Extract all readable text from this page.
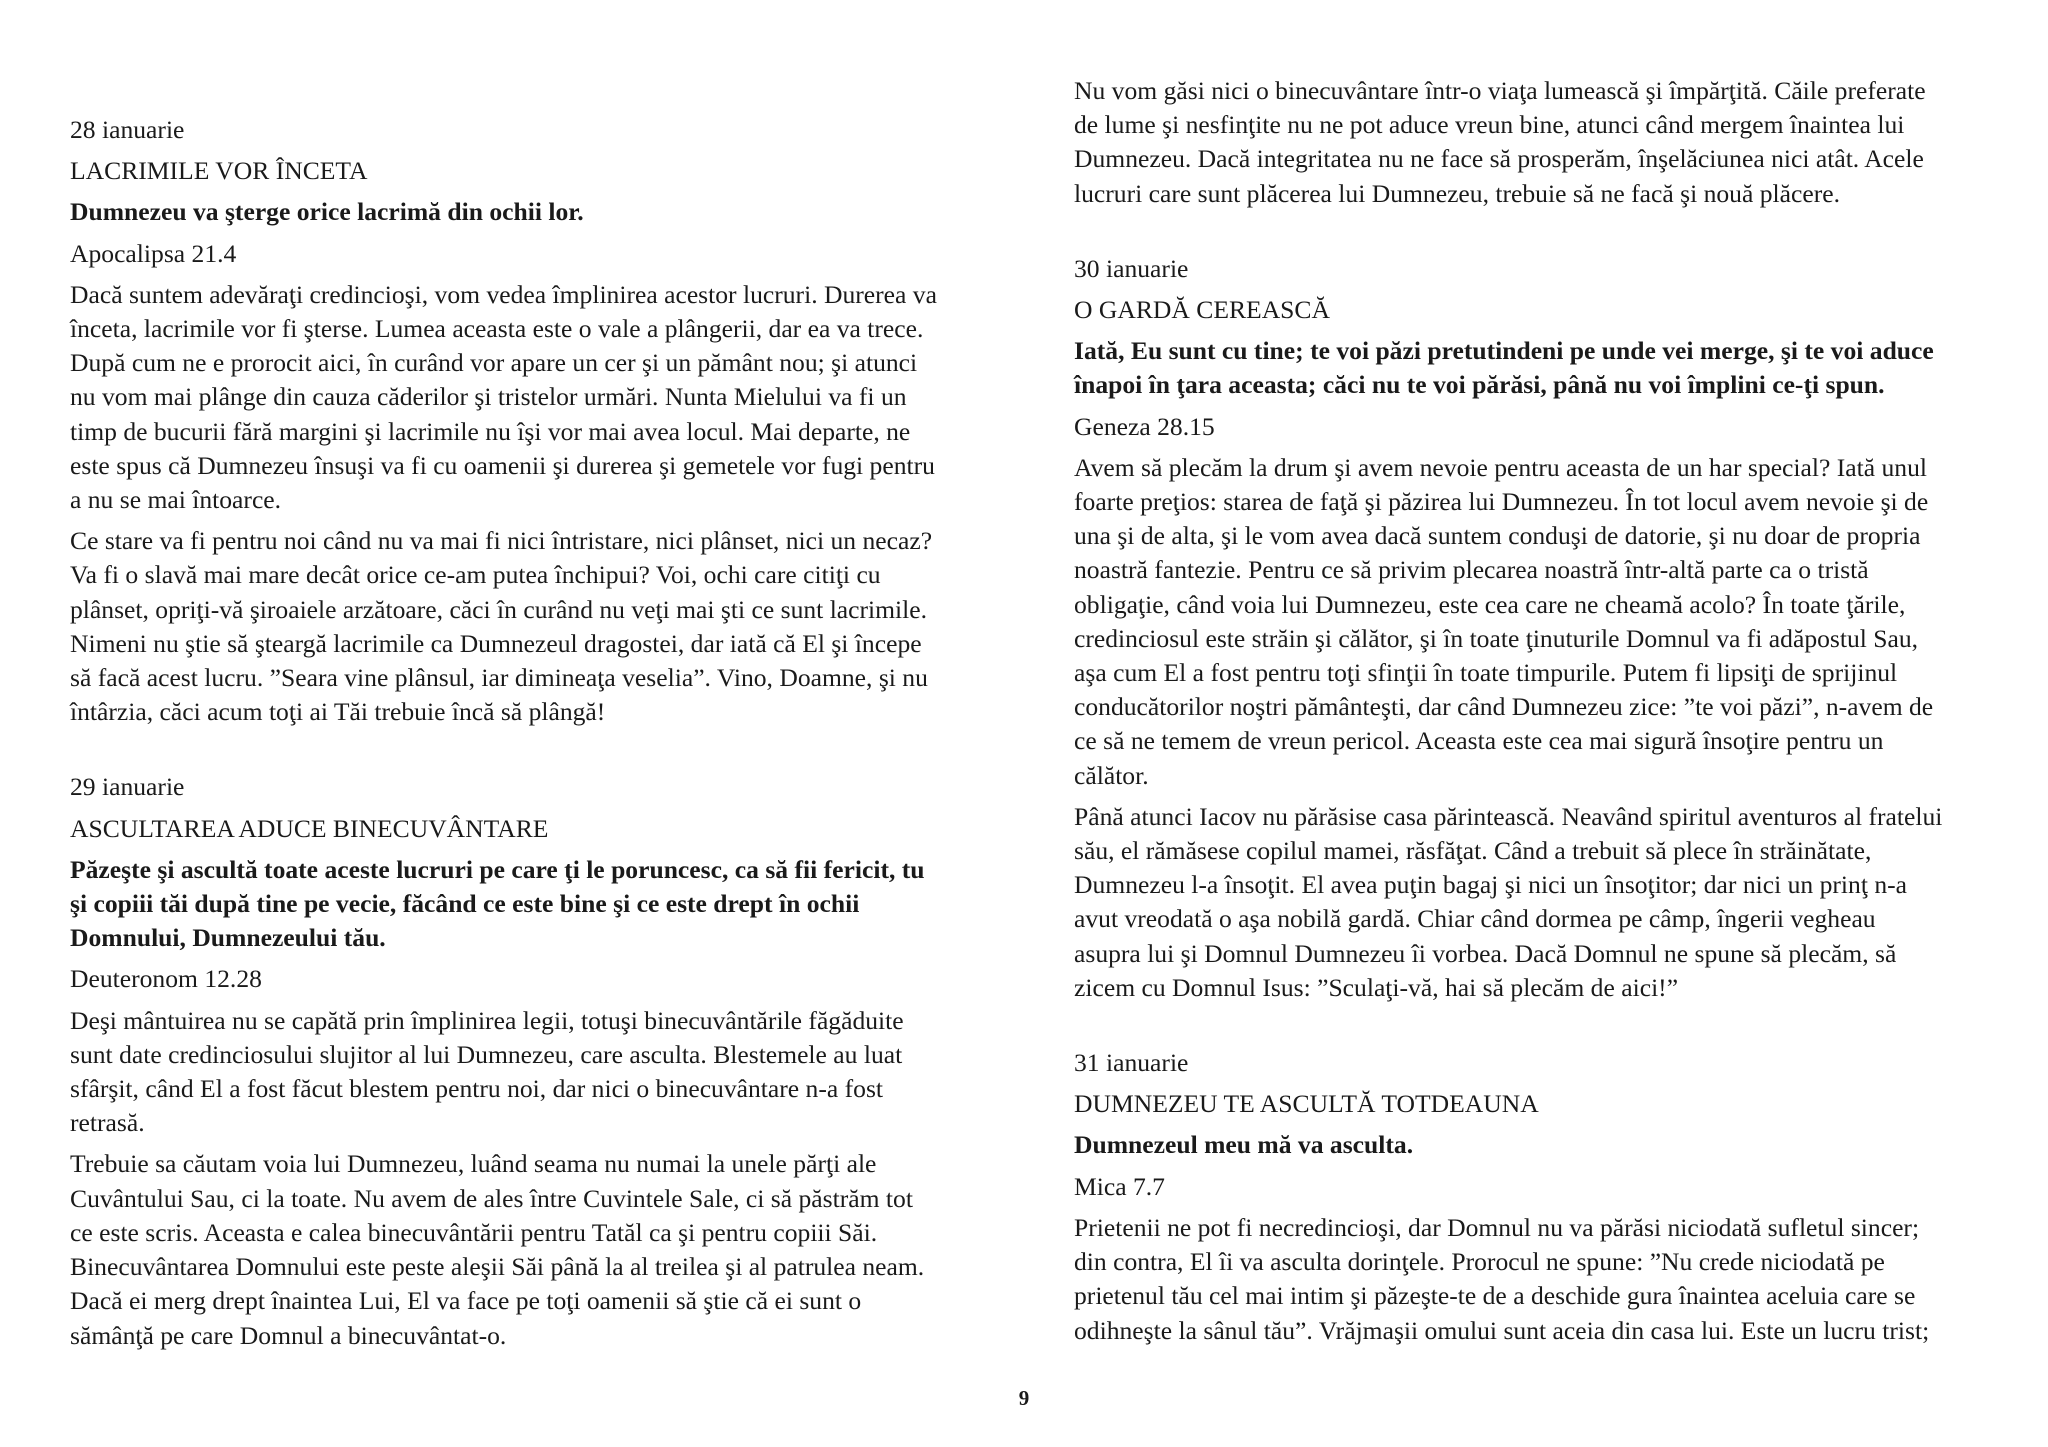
28 ianuarie
LACRIMILE VOR ÎNCETA
Dumnezeu va şterge orice lacrimă din ochii lor.
Apocalipsa 21.4
Dacă suntem adevăraţi credincioşi, vom vedea împlinirea acestor lucruri. Durerea va
înceta, lacrimile vor fi şterse. Lumea aceasta este o vale a plângerii, dar ea va trece.
După cum ne e prorocit aici, în curând vor apare un cer şi un pământ nou; şi atunci
nu vom mai plânge din cauza căderilor şi tristelor urmări. Nunta Mielului va fi un
timp de bucurii fără margini şi lacrimile nu îşi vor mai avea locul. Mai departe, ne
este spus că Dumnezeu însuşi va fi cu oamenii şi durerea şi gemetele vor fugi pentru
a nu se mai întoarce.
Ce stare va fi pentru noi când nu va mai fi nici întristare, nici plânset, nici un necaz?
Va fi o slavă mai mare decât orice ce-am putea închipui? Voi, ochi care citiţi cu
plânset, opriţi-vă şiroaiele arzătoare, căci în curând nu veţi mai şti ce sunt lacrimile.
Nimeni nu ştie să şteargă lacrimile ca Dumnezeul dragostei, dar iată că El şi începe
să facă acest lucru. ”Seara vine plânsul, iar dimineaţa veselia”. Vino, Doamne, şi nu
întârzia, căci acum toţi ai Tăi trebuie încă să plângă!
29 ianuarie
ASCULTAREA ADUCE BINECUVÂNTARE
Păzeşte şi ascultă toate aceste lucruri pe care ţi le poruncesc, ca să fii fericit, tu
şi copiii tăi după tine pe vecie, făcând ce este bine şi ce este drept în ochii
Domnului, Dumnezeului tău.
Deuteronom 12.28
Deşi mântuirea nu se capătă prin împlinirea legii, totuşi binecuvântările făgăduite
sunt date credinciosului slujitor al lui Dumnezeu, care asculta. Blestemele au luat
sfârşit, când El a fost făcut blestem pentru noi, dar nici o binecuvântare n-a fost
retrasă.
Trebuie sa căutam voia lui Dumnezeu, luând seama nu numai la unele părţi ale
Cuvântului Sau, ci la toate. Nu avem de ales între Cuvintele Sale, ci să păstrăm tot
ce este scris. Aceasta e calea binecuvântării pentru Tatăl ca şi pentru copiii Săi.
Binecuvântarea Domnului este peste aleşii Săi până la al treilea şi al patrulea neam.
Dacă ei merg drept înaintea Lui, El va face pe toţi oamenii să ştie că ei sunt o
sămânţă pe care Domnul a binecuvântat-o.
Nu vom găsi nici o binecuvântare într-o viaţa lumească şi împărţită. Căile preferate
de lume şi nesfinţite nu ne pot aduce vreun bine, atunci când mergem înaintea lui
Dumnezeu. Dacă integritatea nu ne face să prosperăm, înşelăciunea nici atât. Acele
lucruri care sunt plăcerea lui Dumnezeu, trebuie să ne facă şi nouă plăcere.
30 ianuarie
O GARDĂ CEREASCĂ
Iată, Eu sunt cu tine; te voi păzi pretutindeni pe unde vei merge, şi te voi aduce
înapoi în ţara aceasta; căci nu te voi părăsi, până nu voi împlini ce-ţi spun.
Geneza 28.15
Avem să plecăm la drum şi avem nevoie pentru aceasta de un har special? Iată unul
foarte preţios: starea de faţă şi păzirea lui Dumnezeu. În tot locul avem nevoie şi de
una şi de alta, şi le vom avea dacă suntem conduşi de datorie, şi nu doar de propria
noastră fantezie. Pentru ce să privim plecarea noastră într-altă parte ca o tristă
obligaţie, când voia lui Dumnezeu, este cea care ne cheamă acolo? În toate ţările,
credinciosul este străin şi călător, şi în toate ţinuturile Domnul va fi adăpostul Sau,
aşa cum El a fost pentru toţi sfinţii în toate timpurile. Putem fi lipsiţi de sprijinul
conducătorilor noştri pământeşti, dar când Dumnezeu zice: ”te voi păzi”, n-avem de
ce să ne temem de vreun pericol. Aceasta este cea mai sigură însoţire pentru un
călător.
Până atunci Iacov nu părăsise casa părintească. Neavând spiritul aventuros al fratelui
său, el rămăsese copilul mamei, răsfăţat. Când a trebuit să plece în străinătate,
Dumnezeu l-a însoţit. El avea puţin bagaj şi nici un însoţitor; dar nici un prinţ n-a
avut vreodată o aşa nobilă gardă. Chiar când dormea pe câmp, îngerii vegheau
asupra lui şi Domnul Dumnezeu îi vorbea. Dacă Domnul ne spune să plecăm, să
zicem cu Domnul Isus: ”Sculaţi-vă, hai să plecăm de aici!”
31 ianuarie
DUMNEZEU TE ASCULTĂ TOTDEAUNA
Dumnezeul meu mă va asculta.
Mica 7.7
Prietenii ne pot fi necredincioşi, dar Domnul nu va părăsi niciodată sufletul sincer;
din contra, El îi va asculta dorinţele. Prorocul ne spune: ”Nu crede niciodată pe
prietenul tău cel mai intim şi păzeşte-te de a deschide gura înaintea aceluia care se
odihneşte la sânul tău”. Vrăjmaşii omului sunt aceia din casa lui. Este un lucru trist;
9
